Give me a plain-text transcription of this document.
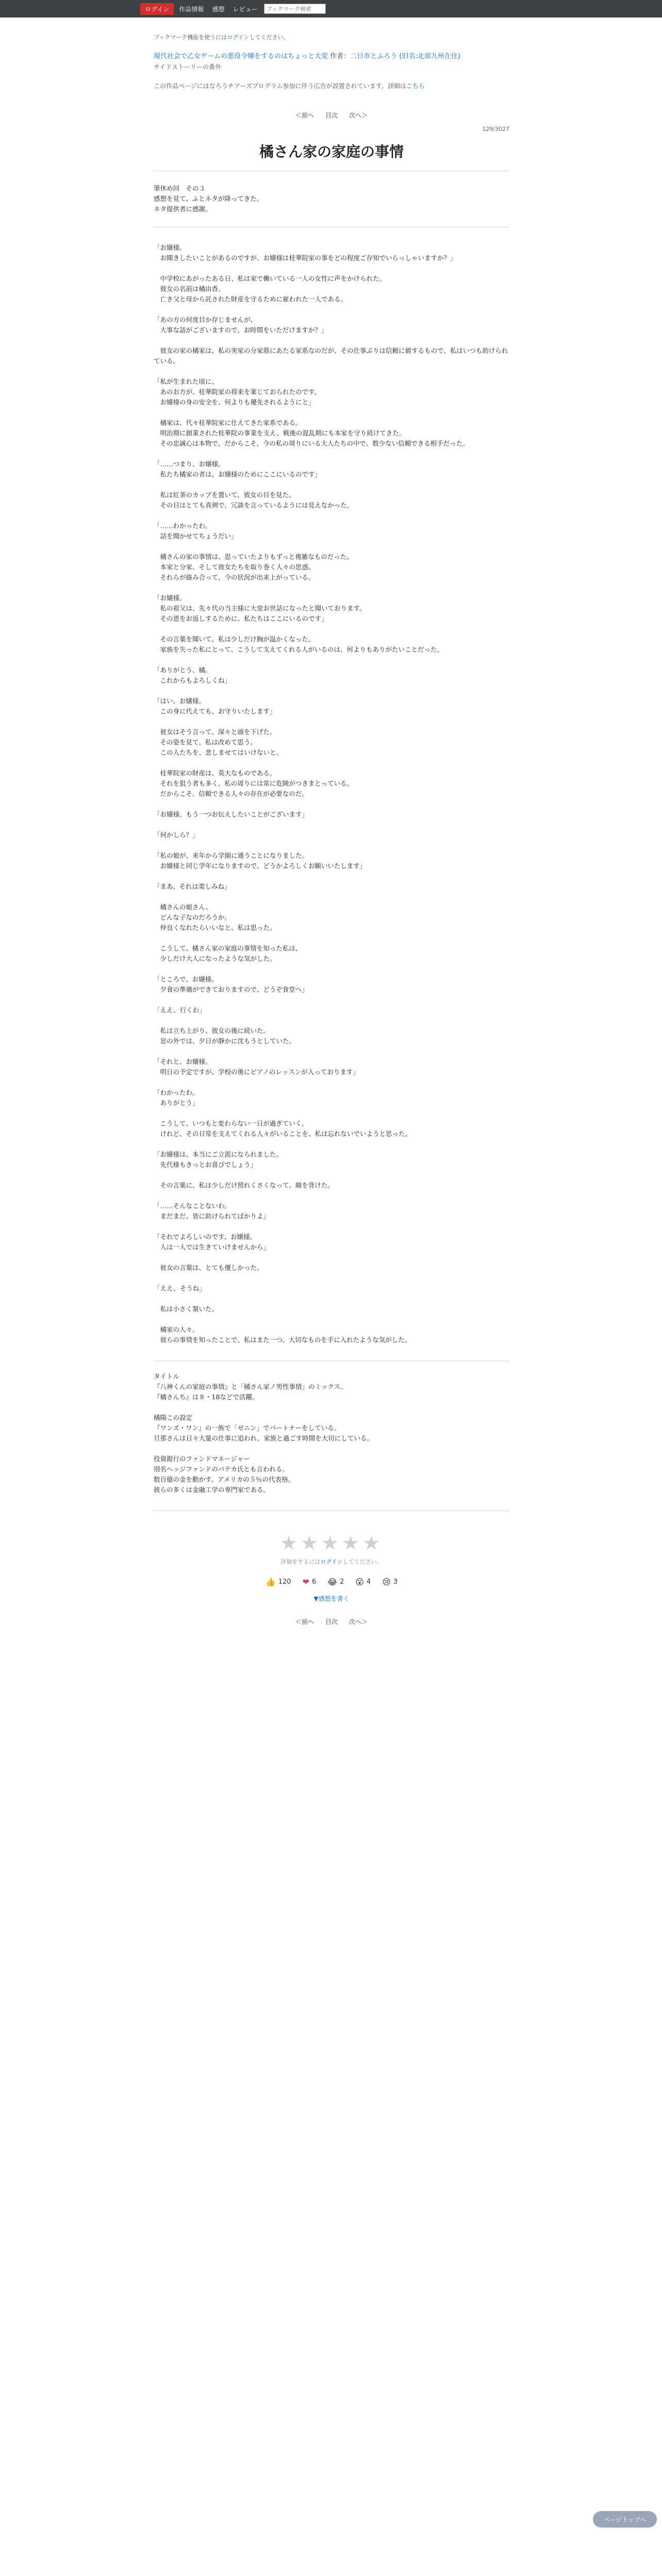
ログイン	作品情報 感想 レビュー
ブックマーク検索
ブックマーク機能を使うにはログインしてください。
現代社会で乙女ゲームの悪役令嬢をするのはちょっと大変 作者：二日市とふろう (旧名:北部九州在住)
サイドストーリーの番外
この作品ページにはなろうチアーズプログラム参加に伴う広告が設置されています。詳細はこちら
＜前へ 目次 次へ＞
129/3027
橘さん家の家庭の事情
筆休め回　その３
感想を見て、ふとネタが降ってきた。
ネタ提供者に感謝。
「お嬢様。
　お聞きしたいことがあるのですが、お嬢様は桂華院家の事をどの程度ご存知でいらっしゃいますか？」

　中学校にあがったある日、私は家で働いている一人の女性に声をかけられた。
　彼女の名前は橘由香。
　亡き父と母から託された財産を守るために雇われた一人である。

「あの方の何度目か存じませんが、
　大事な話がございますので、お時間をいただけますか？」

　彼女の家の橘家は、私の実家の分家筋にあたる家系なのだが、その仕事ぶりは信頼に値するもので、私はいつも助けられている。

「私が生まれた頃に、
　あのお方が、桂華院家の将来を案じておられたのです。
　お嬢様の身の安全を、何よりも優先されるようにと」

　橘家は、代々桂華院家に仕えてきた家系である。
　明治期に創業された桂華院の事業を支え、戦後の混乱期にも本家を守り続けてきた。
　その忠誠心は本物で、だからこそ、今の私の周りにいる大人たちの中で、数少ない信頼できる相手だった。

「……つまり、お嬢様。
　私たち橘家の者は、お嬢様のためにここにいるのです」

　私は紅茶のカップを置いて、彼女の目を見た。
　その目はとても真剣で、冗談を言っているようには見えなかった。

「……わかったわ。
　話を聞かせてちょうだい」

　橘さんの家の事情は、思っていたよりもずっと複雑なものだった。
　本家と分家、そして彼女たちを取り巻く人々の思惑。
　それらが絡み合って、今の状況が出来上がっている。

「お嬢様。
　私の祖父は、先々代の当主様に大変お世話になったと聞いております。
　その恩をお返しするために、私たちはここにいるのです」

　その言葉を聞いて、私は少しだけ胸が温かくなった。
　家族を失った私にとって、こうして支えてくれる人がいるのは、何よりもありがたいことだった。

「ありがとう、橘。
　これからもよろしくね」

「はい、お嬢様。
　この身に代えても、お守りいたします」

　彼女はそう言って、深々と頭を下げた。
　その姿を見て、私は改めて思う。
　この人たちを、悲しませてはいけないと。

　桂華院家の財産は、莫大なものである。
　それを狙う者も多く、私の周りには常に危険がつきまとっている。
　だからこそ、信頼できる人々の存在が必要なのだ。

「お嬢様、もう一つお伝えしたいことがございます」

「何かしら？」

「私の娘が、来年から学園に通うことになりました。
　お嬢様と同じ学年になりますので、どうかよろしくお願いいたします」

「まあ、それは楽しみね」

　橘さんの娘さん。
　どんな子なのだろうか。
　仲良くなれたらいいなと、私は思った。

　こうして、橘さん家の家庭の事情を知った私は、
　少しだけ大人になったような気がした。

「ところで、お嬢様。
　夕食の準備ができておりますので、どうぞ食堂へ」

「ええ、行くわ」

　私は立ち上がり、彼女の後に続いた。
　窓の外では、夕日が静かに沈もうとしていた。

「それと、お嬢様。
　明日の予定ですが、学校の後にピアノのレッスンが入っております」

「わかったわ。
　ありがとう」

　こうして、いつもと変わらない一日が過ぎていく。
　けれど、その日常を支えてくれる人々がいることを、私は忘れないでいようと思った。

「お嬢様は、本当にご立派になられました。
　先代様もきっとお喜びでしょう」

　その言葉に、私は少しだけ照れくさくなって、顔を背けた。

「……そんなことないわ。
　まだまだ、皆に助けられてばかりよ」

「それでよろしいのです、お嬢様。
　人は一人では生きていけませんから」

　彼女の言葉は、とても優しかった。

「ええ、そうね」

　私は小さく頷いた。

　橘家の人々。
　彼らの事情を知ったことで、私はまた一つ、大切なものを手に入れたような気がした。
タイトル
『八神くんの家庭の事情』と「橘さん家ノ男性事情」のミックス。
『橘さんち』は８・18などで活躍。

橘陽この設定
『ワンズ・ワン』の一族で「ゼニン」でパートナーをしている。
旦那さんは日々大量の仕事に追われ、家族と過ごす時間を大切にしている。

投資銀行のファンドマネージャー
別名ヘッジファンドのパテカ氏とも言われる。
数百億の金を動かす、アメリカの５％の代表格。
彼らの多くは金融工学の専門家である。
★★★★★
評価をするにはログインしてください。
👍 120 ❤ 6 😂 2 😮 4 😢 3
▼感想を書く
＜前へ 目次 次へ＞
ページトップへ
